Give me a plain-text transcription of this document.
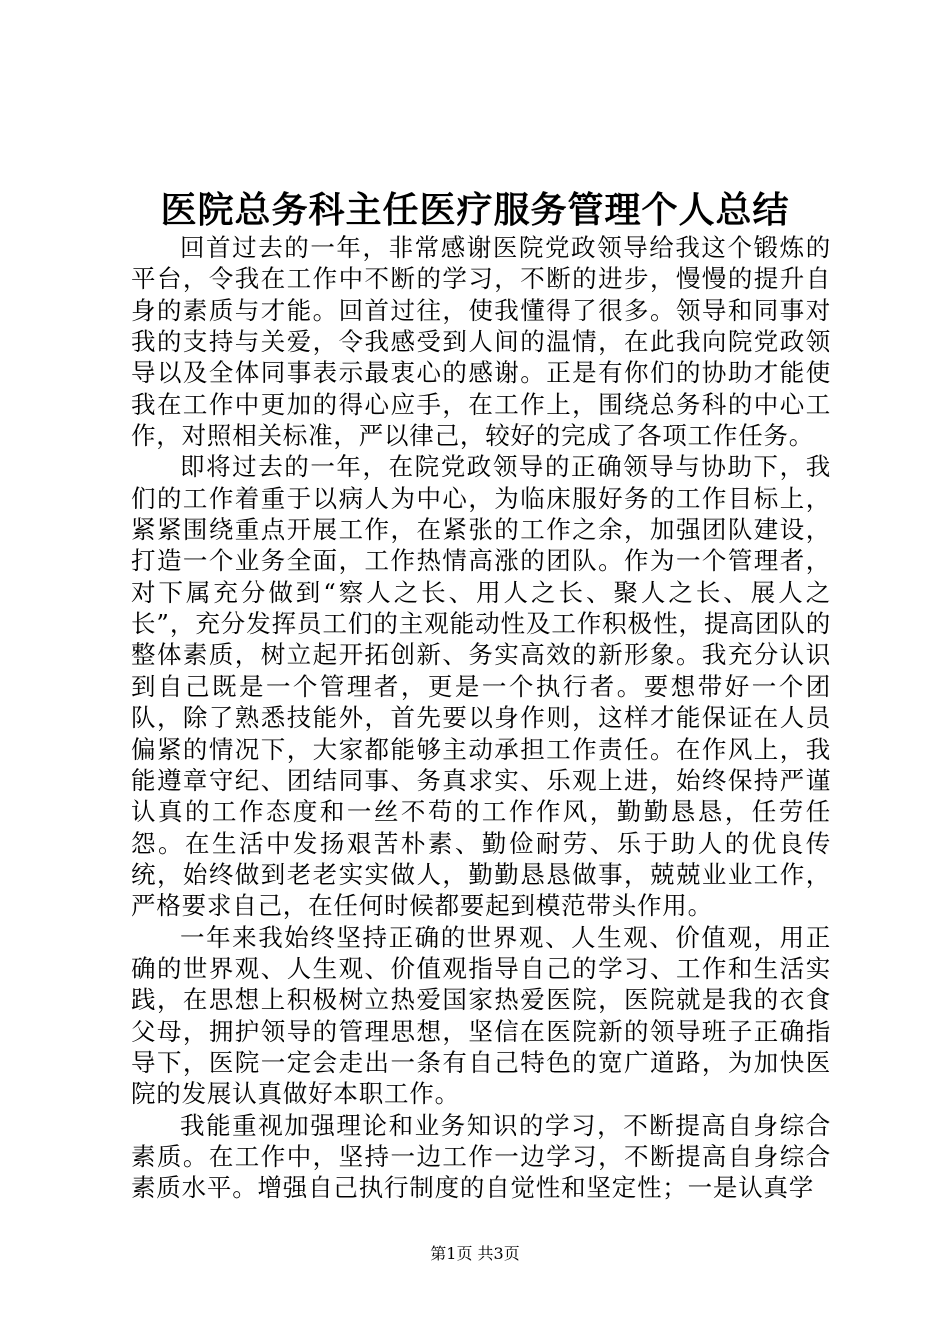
医院总务科主任医疗服务管理个人总结

回首过去的一年，非常感谢医院党政领导给我这个锻炼的平台，令我在工作中不断的学习，不断的进步，慢慢的提升自身的素质与才能。回首过往，使我懂得了很多。领导和同事对我的支持与关爱，令我感受到人间的温情，在此我向院党政领导以及全体同事表示最衷心的感谢。正是有你们的协助才能使我在工作中更加的得心应手，在工作上，围绕总务科的中心工作，对照相关标准，严以律己，较好的完成了各项工作任务。

即将过去的一年，在院党政领导的正确领导与协助下，我们的工作着重于以病人为中心，为临床服好务的工作目标上，紧紧围绕重点开展工作，在紧张的工作之余，加强团队建设，打造一个业务全面，工作热情高涨的团队。作为一个管理者，对下属充分做到“察人之长、用人之长、聚人之长、展人之长”，充分发挥员工们的主观能动性及工作积极性，提高团队的整体素质，树立起开拓创新、务实高效的新形象。我充分认识到自己既是一个管理者，更是一个执行者。要想带好一个团队，除了熟悉技能外，首先要以身作则，这样才能保证在人员偏紧的情况下，大家都能够主动承担工作责任。在作风上，我能遵章守纪、团结同事、务真求实、乐观上进，始终保持严谨认真的工作态度和一丝不苟的工作作风，勤勤恳恳，任劳任怨。在生活中发扬艰苦朴素、勤俭耐劳、乐于助人的优良传统，始终做到老老实实做人，勤勤恳恳做事，兢兢业业工作，严格要求自己，在任何时候都要起到模范带头作用。

一年来我始终坚持正确的世界观、人生观、价值观，用正确的世界观、人生观、价值观指导自己的学习、工作和生活实践，在思想上积极树立热爱国家热爱医院，医院就是我的衣食父母，拥护领导的管理思想，坚信在医院新的领导班子正确指导下，医院一定会走出一条有自己特色的宽广道路，为加快医院的发展认真做好本职工作。

我能重视加强理论和业务知识的学习，不断提高自身综合素质。在工作中，坚持一边工作一边学习，不断提高自身综合素质水平。增强自己执行制度的自觉性和坚定性；一是认真学

第1页 共3页
